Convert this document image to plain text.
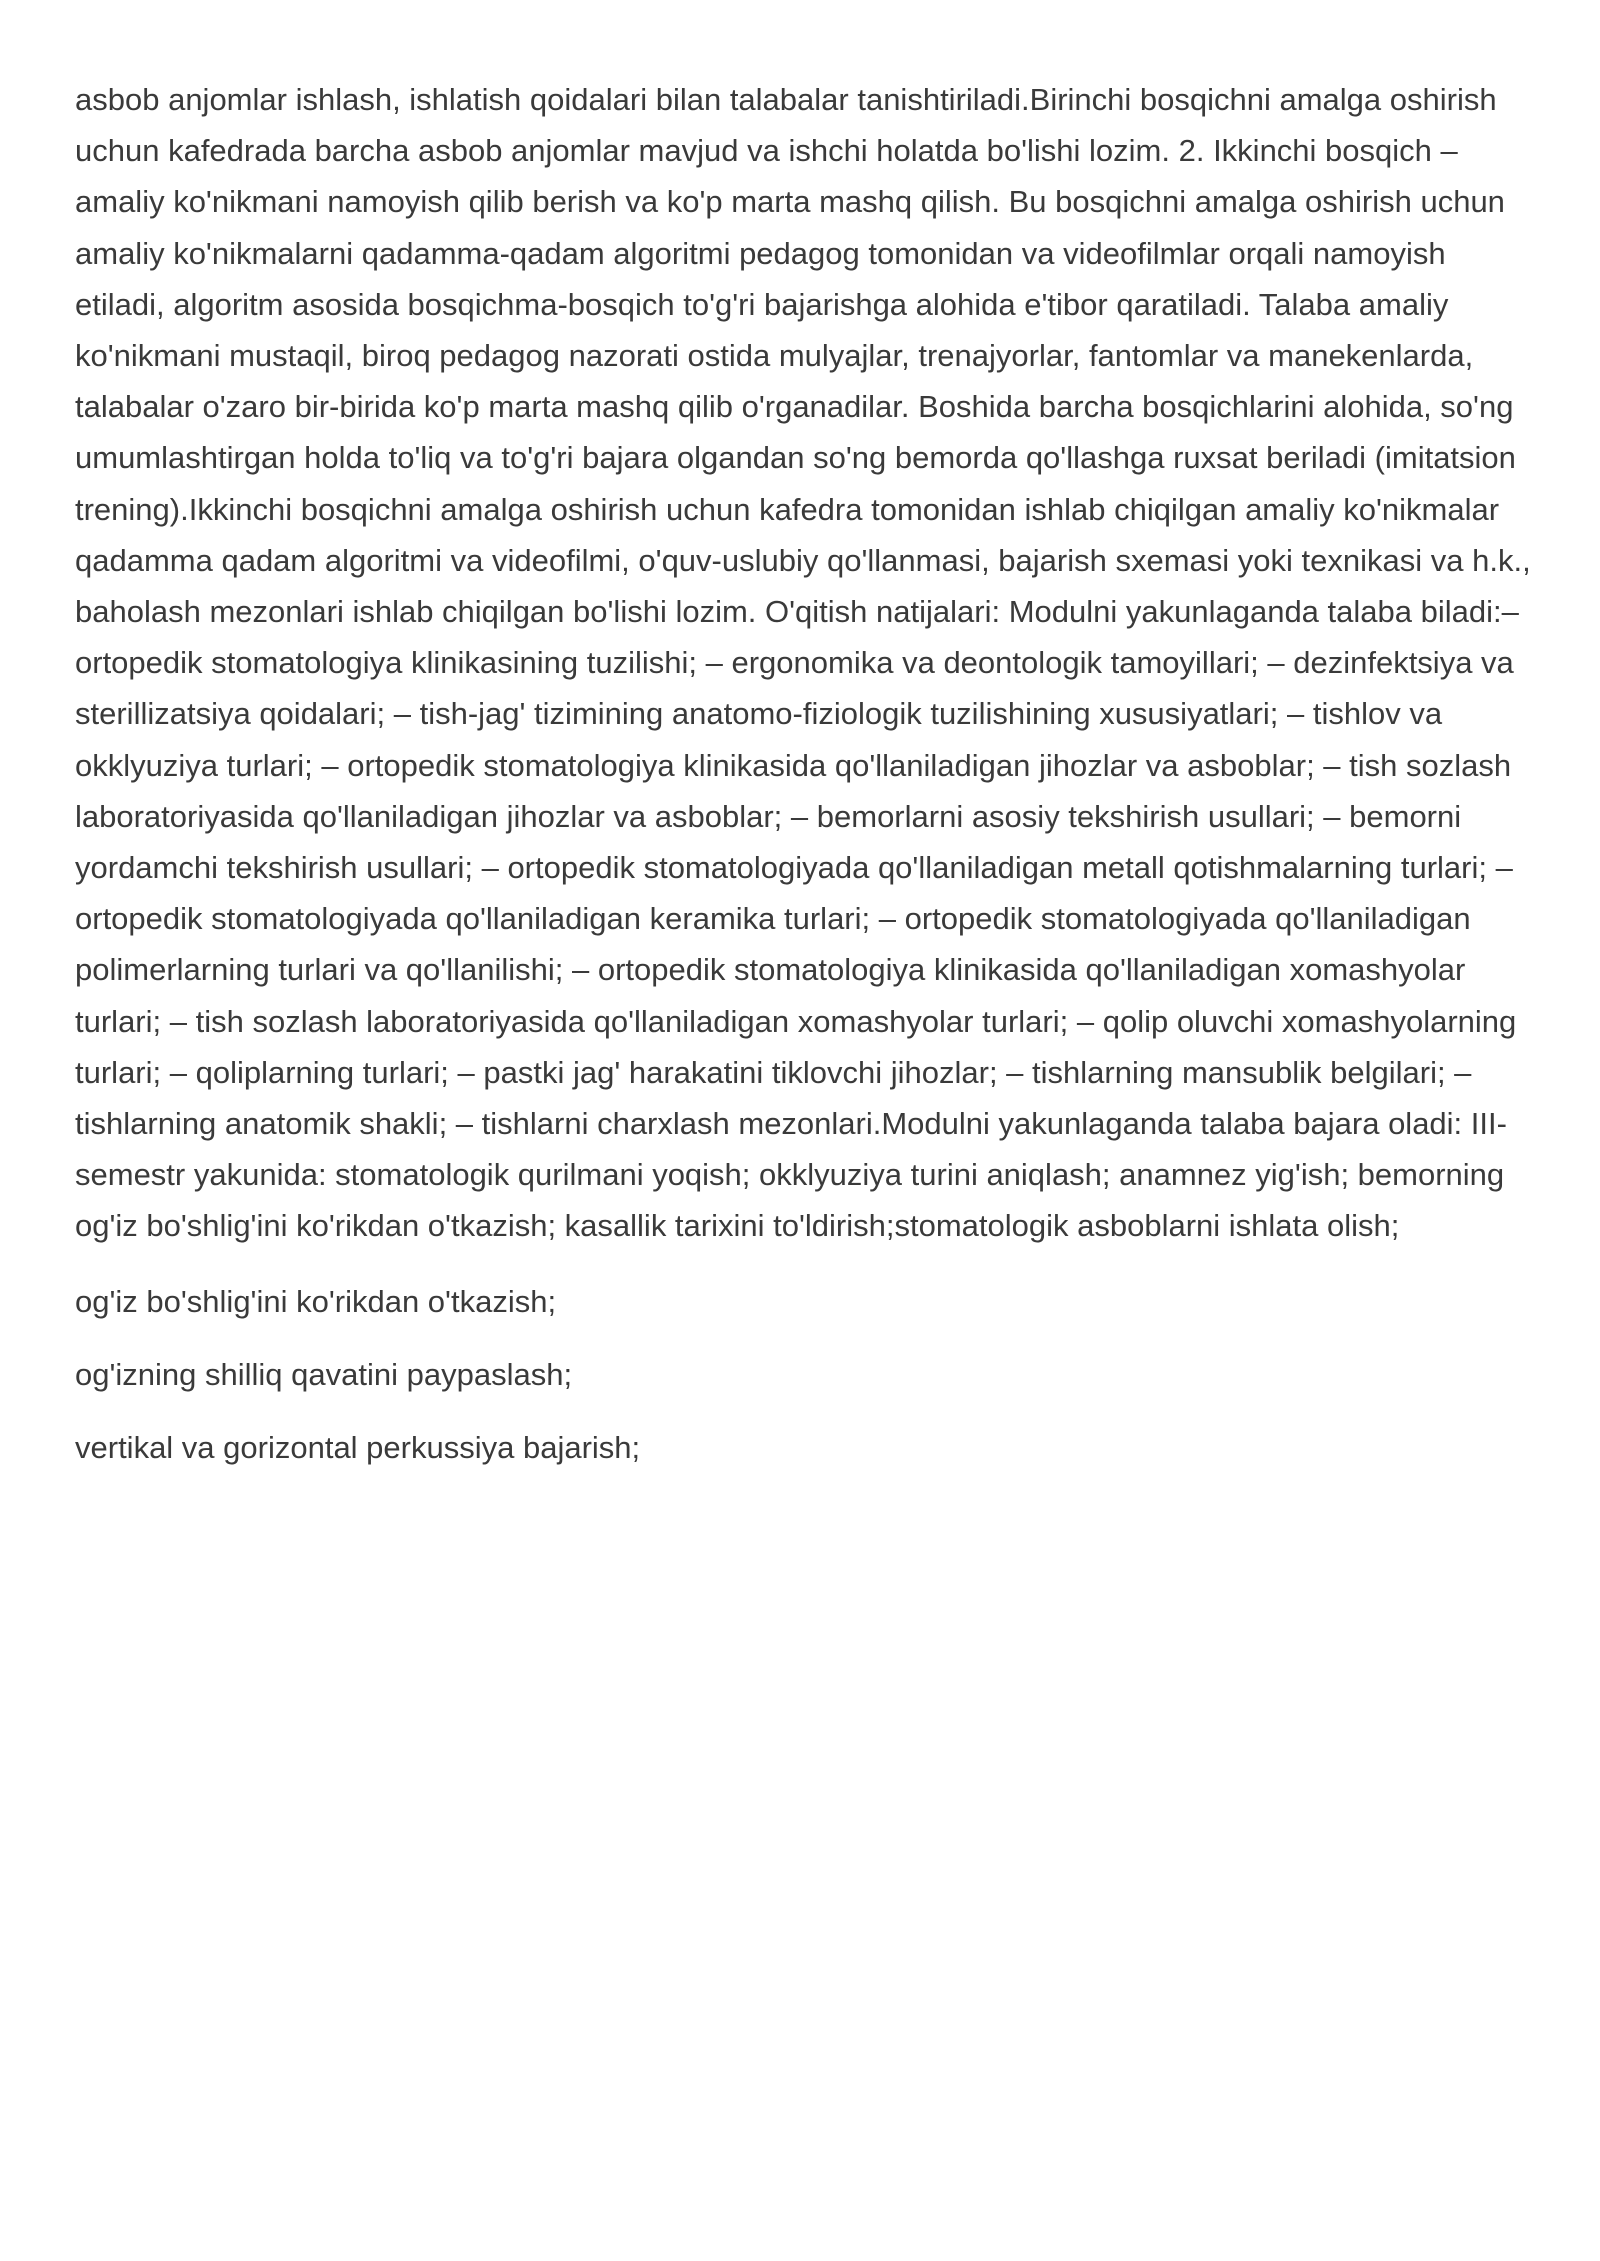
asbob anjomlar ishlash, ishlatish qoidalari bilan talabalar tanishtiriladi.Birinchi bosqichni amalga oshirish uchun kafedrada barcha asbob anjomlar mavjud va ishchi holatda bo'lishi lozim. 2. Ikkinchi bosqich – amaliy ko'nikmani namoyish qilib berish va ko'p marta mashq qilish. Bu bosqichni amalga oshirish uchun amaliy ko'nikmalarni qadamma-qadam algoritmi pedagog tomonidan va videofilmlar orqali namoyish etiladi, algoritm asosida bosqichma-bosqich to'g'ri bajarishga alohida e'tibor qaratiladi. Talaba amaliy ko'nikmani mustaqil, biroq pedagog nazorati ostida mulyajlar, trenajyorlar, fantomlar va manekenlarda, talabalar o'zaro bir-birida ko'p marta mashq qilib o'rganadilar. Boshida barcha bosqichlarini alohida, so'ng umumlashtirgan holda to'liq va to'g'ri bajara olgandan so'ng bemorda qo'llashga ruxsat beriladi (imitatsion trening).Ikkinchi bosqichni amalga oshirish uchun kafedra tomonidan ishlab chiqilgan amaliy ko'nikmalar qadamma qadam algoritmi va videofilmi, o'quv-uslubiy qo'llanmasi, bajarish sxemasi yoki texnikasi va h.k., baholash mezonlari ishlab chiqilgan bo'lishi lozim. O'qitish natijalari: Modulni yakunlaganda talaba biladi:– ortopedik stomatologiya klinikasining tuzilishi; – ergonomika va deontologik tamoyillari; – dezinfektsiya va sterillizatsiya qoidalari; – tish-jag' tizimining anatomo-fiziologik tuzilishining xususiyatlari; – tishlov va okklyuziya turlari; – ortopedik stomatologiya klinikasida qo'llaniladigan jihozlar va asboblar; – tish sozlash laboratoriyasida qo'llaniladigan jihozlar va asboblar; – bemorlarni asosiy tekshirish usullari; – bemorni yordamchi tekshirish usullari; – ortopedik stomatologiyada qo'llaniladigan metall qotishmalarning turlari; – ortopedik stomatologiyada qo'llaniladigan keramika turlari; – ortopedik stomatologiyada qo'llaniladigan polimerlarning turlari va qo'llanilishi; – ortopedik stomatologiya klinikasida qo'llaniladigan xomashyolar turlari; – tish sozlash laboratoriyasida qo'llaniladigan xomashyolar turlari; – qolip oluvchi xomashyolarning turlari; – qoliplarning turlari; – pastki jag' harakatini tiklovchi jihozlar; – tishlarning mansublik belgilari; – tishlarning anatomik shakli; – tishlarni charxlash mezonlari.Modulni yakunlaganda talaba bajara oladi: III-semestr yakunida: stomatologik qurilmani yoqish; okklyuziya turini aniqlash; anamnez yig'ish; bemorning og'iz bo'shlig'ini ko'rikdan o'tkazish; kasallik tarixini to'ldirish;stomatologik asboblarni ishlata olish;

og'iz bo'shlig'ini ko'rikdan o'tkazish;

og'izning shilliq qavatini paypaslash;

vertikal va gorizontal perkussiya bajarish;
